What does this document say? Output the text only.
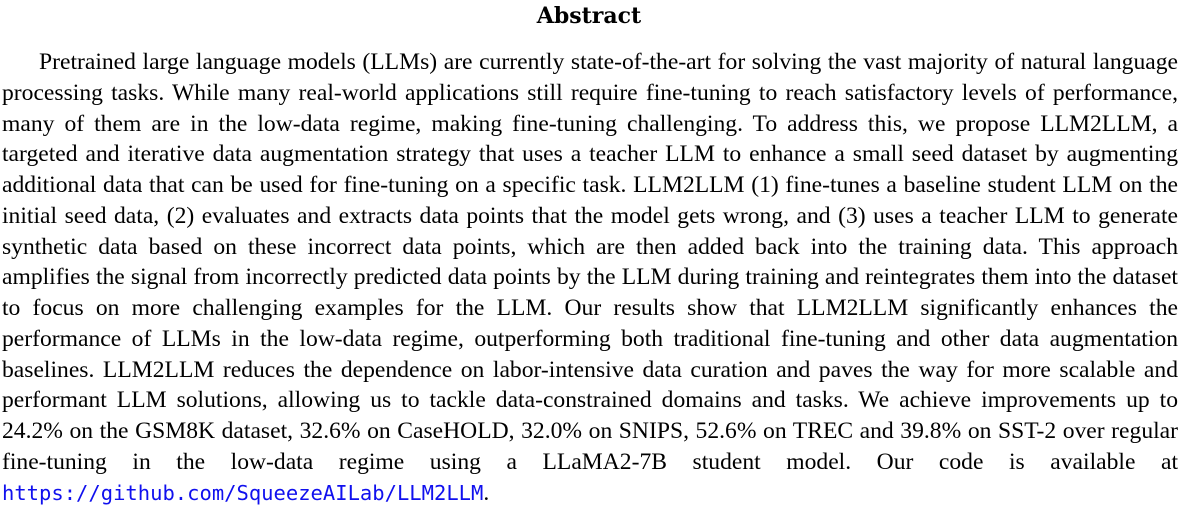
Abstract

Pretrained large language models (LLMs) are currently state-of-the-art for solving the vast majority of natural language processing tasks. While many real-world applications still require fine-tuning to reach satisfactory levels of performance, many of them are in the low-data regime, making fine-tuning challenging. To address this, we propose LLM2LLM, a targeted and iterative data augmentation strategy that uses a teacher LLM to enhance a small seed dataset by augmenting additional data that can be used for fine-tuning on a specific task. LLM2LLM (1) fine-tunes a baseline student LLM on the initial seed data, (2) evaluates and extracts data points that the model gets wrong, and (3) uses a teacher LLM to generate synthetic data based on these incorrect data points, which are then added back into the training data. This approach amplifies the signal from incorrectly predicted data points by the LLM during training and reintegrates them into the dataset to focus on more challenging examples for the LLM. Our results show that LLM2LLM significantly enhances the performance of LLMs in the low-data regime, outperforming both traditional fine-tuning and other data augmentation baselines. LLM2LLM reduces the dependence on labor-intensive data curation and paves the way for more scalable and performant LLM solutions, allowing us to tackle data-constrained domains and tasks. We achieve improvements up to 24.2% on the GSM8K dataset, 32.6% on CaseHOLD, 32.0% on SNIPS, 52.6% on TREC and 39.8% on SST-2 over regular fine-tuning in the low-data regime using a LLaMA2-7B student model. Our code is available at https://github.com/SqueezeAILab/LLM2LLM.
